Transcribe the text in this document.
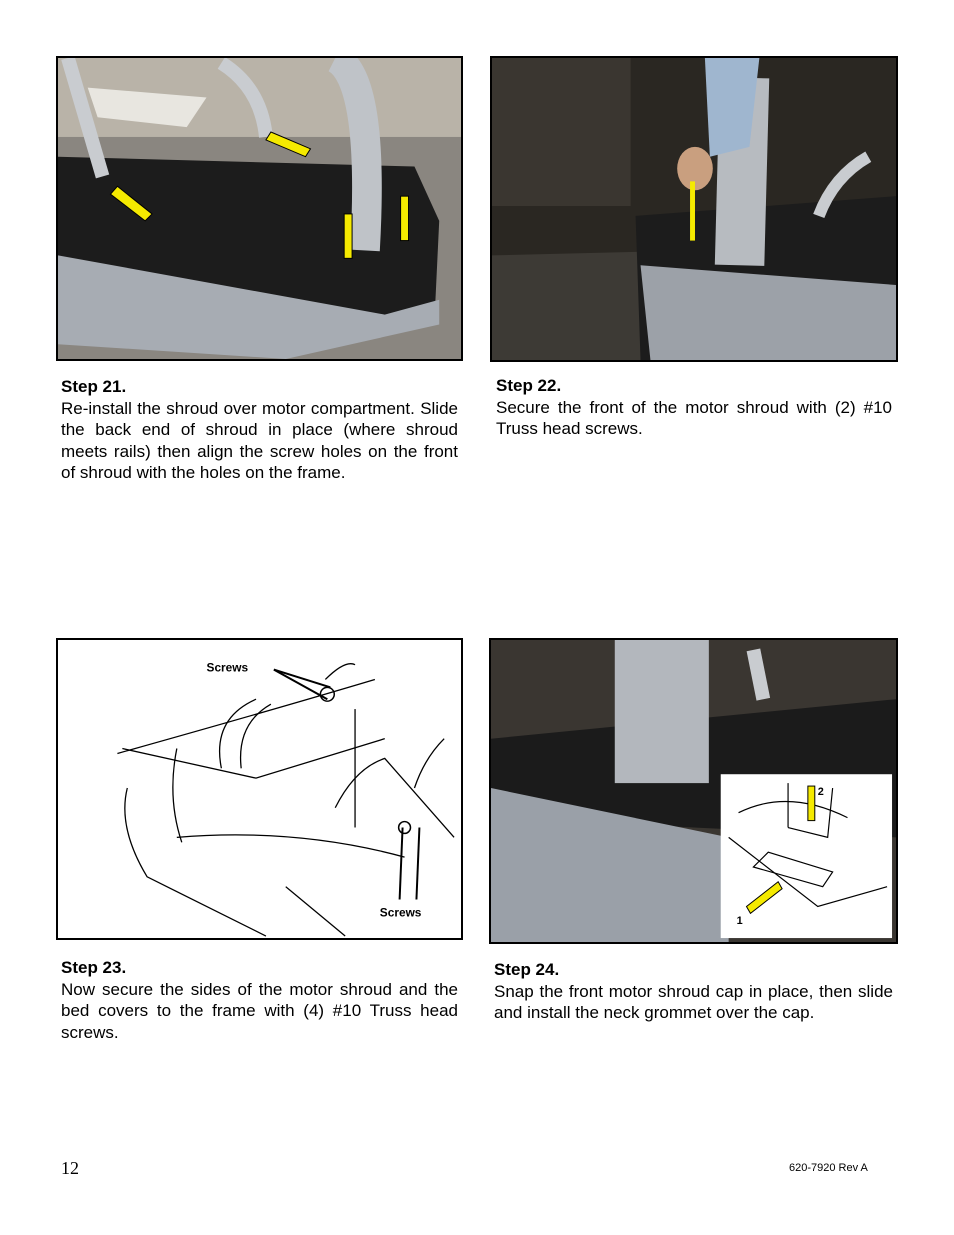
Screws
Screws
2
1
Step 21.
Re-install the shroud over motor compartment. Slide the back end of shroud in place (where shroud meets rails) then align the screw holes on the front of shroud with the holes on the frame.
Step 22.
Secure the front of the motor shroud with (2) #10 Truss head screws.
Step 23.
Now secure the sides of the motor shroud and the bed covers to the frame with (4) #10 Truss head screws.
Step 24.
Snap the front motor shroud cap in place, then slide and install the neck grommet over the cap.
12	620-7920 Rev A
